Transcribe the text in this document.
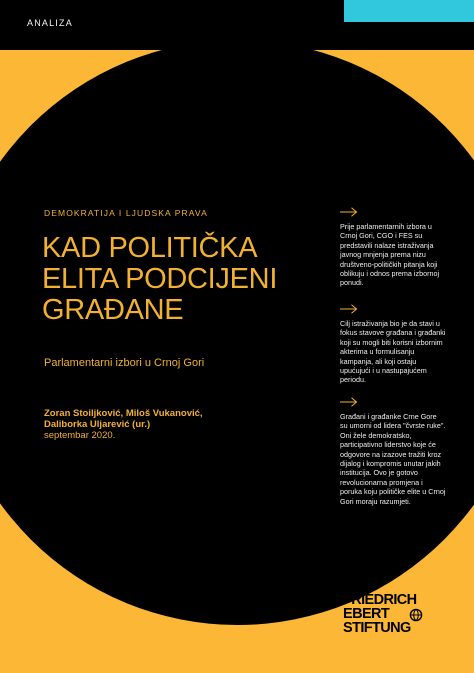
ANALIZA
DEMOKRATIJA I LJUDSKA PRAVA
KAD POLITIČKA
ELITA PODCIJENI
GRAĐANE
Parlamentarni izbori u Crnoj Gori
Zoran Stoiljković, Miloš Vukanović,
Daliborka Uljarević (ur.)
septembar 2020.
Prije parlamentarnih izbora u Crnoj Gori, CGO i FES su predstavili nalaze istraživanja javnog mnjenja prema nizu društveno-političkih pitanja koji oblikuju i odnos prema izbornoj ponudi.
Cilj istraživanja bio je da stavi u fokus stavove građana i građanki koji su mogli biti korisni izbornim akterima u formulisanju kampanja, ali koji ostaju upućujući i u nastupajućem periodu.
Građani i građanke Crne Gore su umorni od lidera "čvrste ruke". Oni žele demokratsko, participativno liderstvo koje će odgovore na izazove tražiti kroz dijalog i kompromis unutar jakih institucija. Ovo je gotovo revolucionarna promjena i poruka koju političke elite u Crnoj Gori moraju razumjeti.
FRIEDRICH
EBERT
STIFTUNG
